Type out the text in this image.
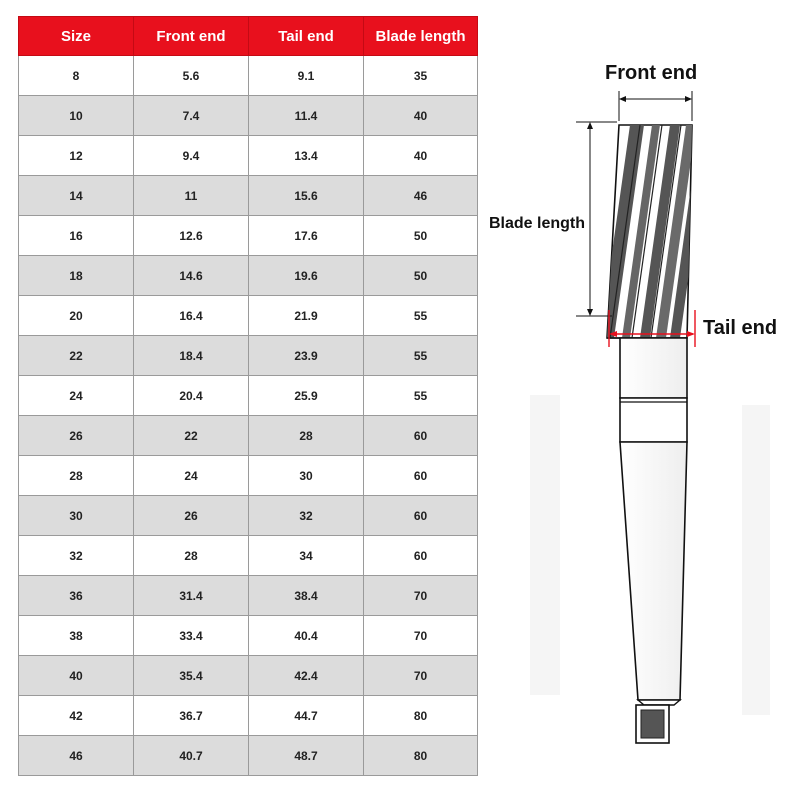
Size	Front end	Tail end	Blade length
8	5.6	9.1	35
10	7.4	11.4	40
12	9.4	13.4	40
14	11	15.6	46
16	12.6	17.6	50
18	14.6	19.6	50
20	16.4	21.9	55
22	18.4	23.9	55
24	20.4	25.9	55
26	22	28	60
28	24	30	60
30	26	32	60
32	28	34	60
36	31.4	38.4	70
38	33.4	40.4	70
40	35.4	42.4	70
42	36.7	44.7	80
46	40.7	48.7	80
Front end
Blade length
Tail end
